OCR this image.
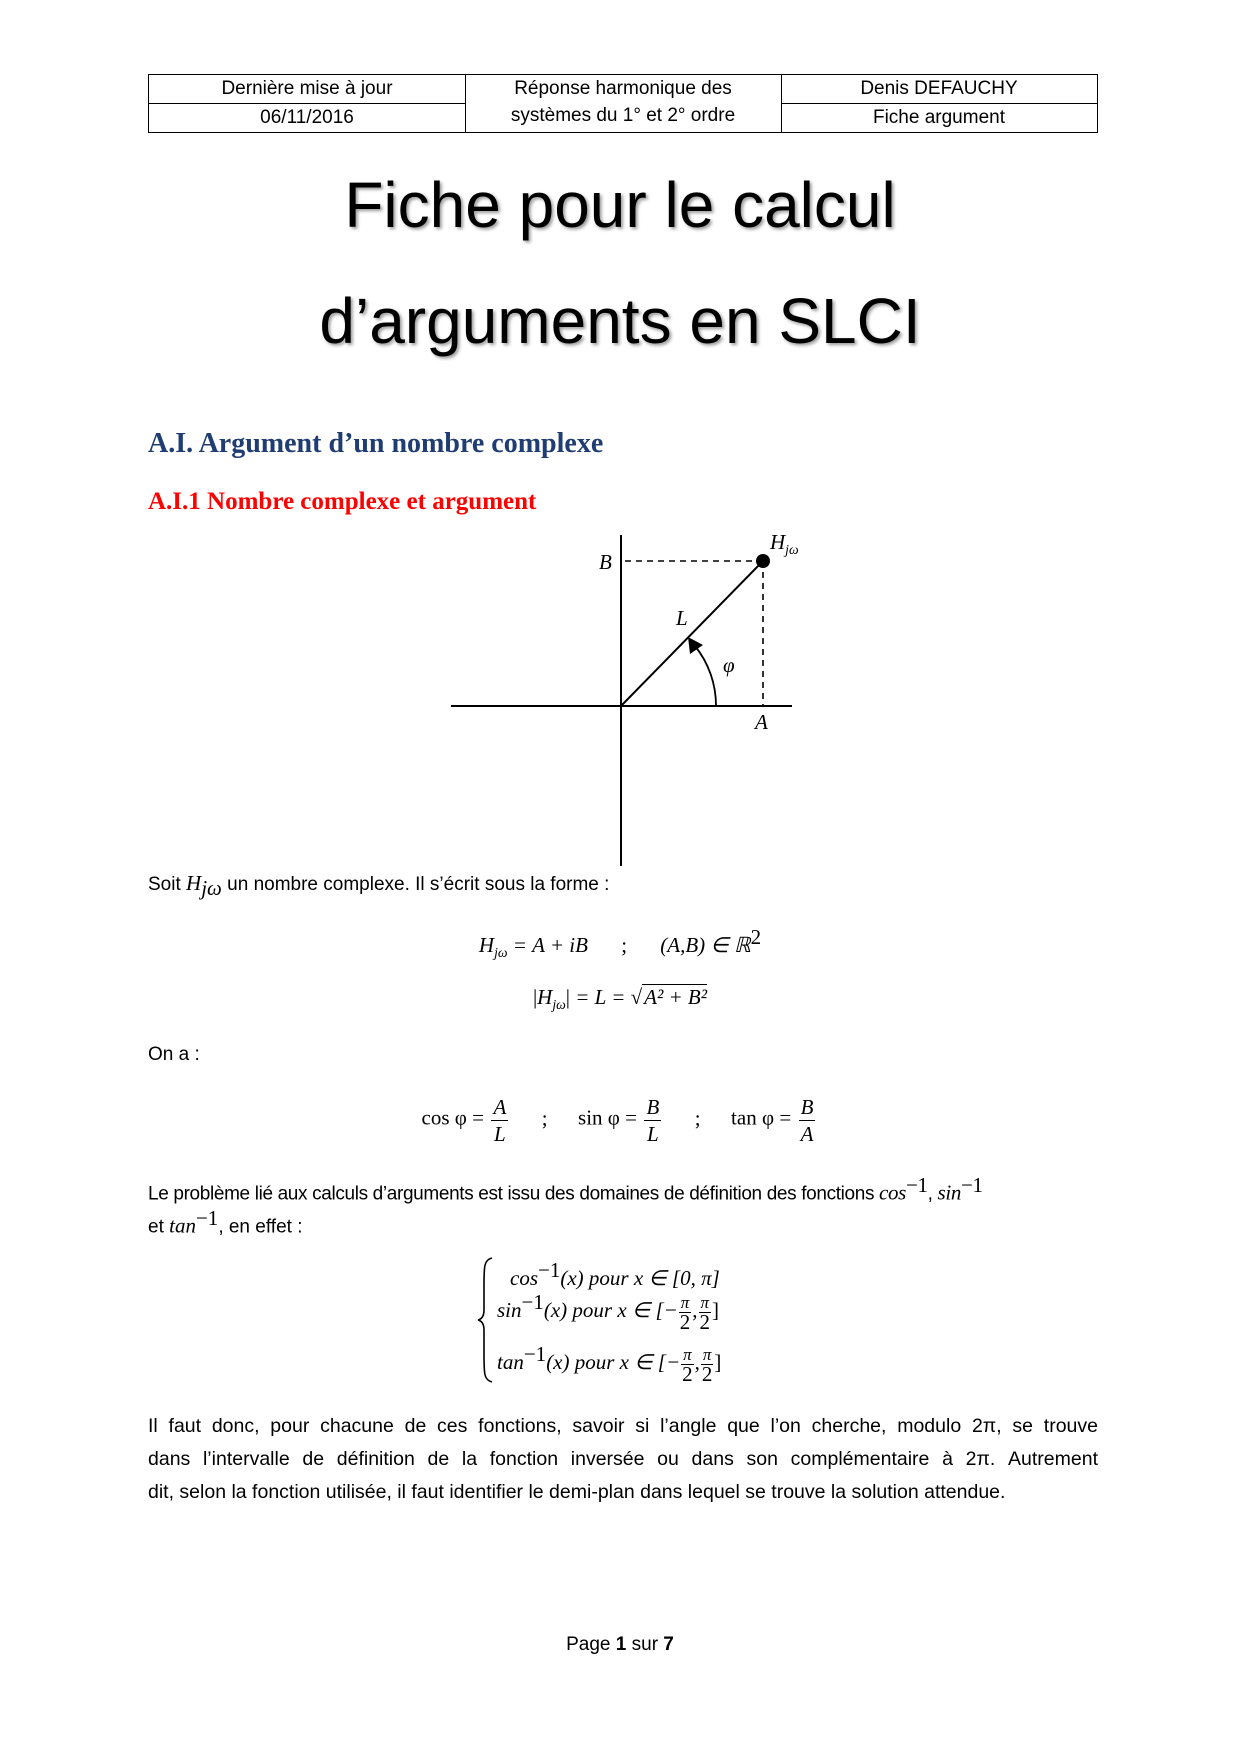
Dernière mise à jour
06/11/2016
Réponse harmonique des
systèmes du 1° et 2° ordre
Denis DEFAUCHY
Fiche argument
Fiche pour le calcul
d’arguments en SLCI
A.I. Argument d’un nombre complexe
A.I.1 Nombre complexe et argument
$H_{j\omega}$
B
L
φ
A
Soit $H_{j\omega}$ un nombre complexe. Il s’écrit sous la forme :
$H_{j\omega} = A$ + iB ; (A,B) ∈ ℝ$^2$
$|H_{j\omega}| = L = √A^2 + B^2$
On a :
$\cos \varphi = \frac{A}{L}$ ; $\sin \varphi = \frac{B}{L}$ ; $\tan \varphi = \frac{B}{A}$
Le problème lié aux calculs d’arguments est issu des domaines de définition des fonctions $\cos^{-1}$, $\sin^{-1}$
et $\tan^{-1}$, en effet :
$\cos^{-1}(x)$ pour x ∈ [0, π]
$\sin^{-1}(x)$ pour x ∈ [− π
2 , π
2 ]
$\tan^{-1}(x)$ pour x ∈ [− π
2 , π
2 ]
Il faut donc, pour chacune de ces fonctions, savoir si l’angle que l’on cherche, modulo 2π, se trouve
dans l’intervalle de définition de la fonction inversée ou dans son complémentaire à 2π. Autrement
dit, selon la fonction utilisée, il faut identifier le demi-plan dans lequel se trouve la solution attendue.
Page 1 sur 7
